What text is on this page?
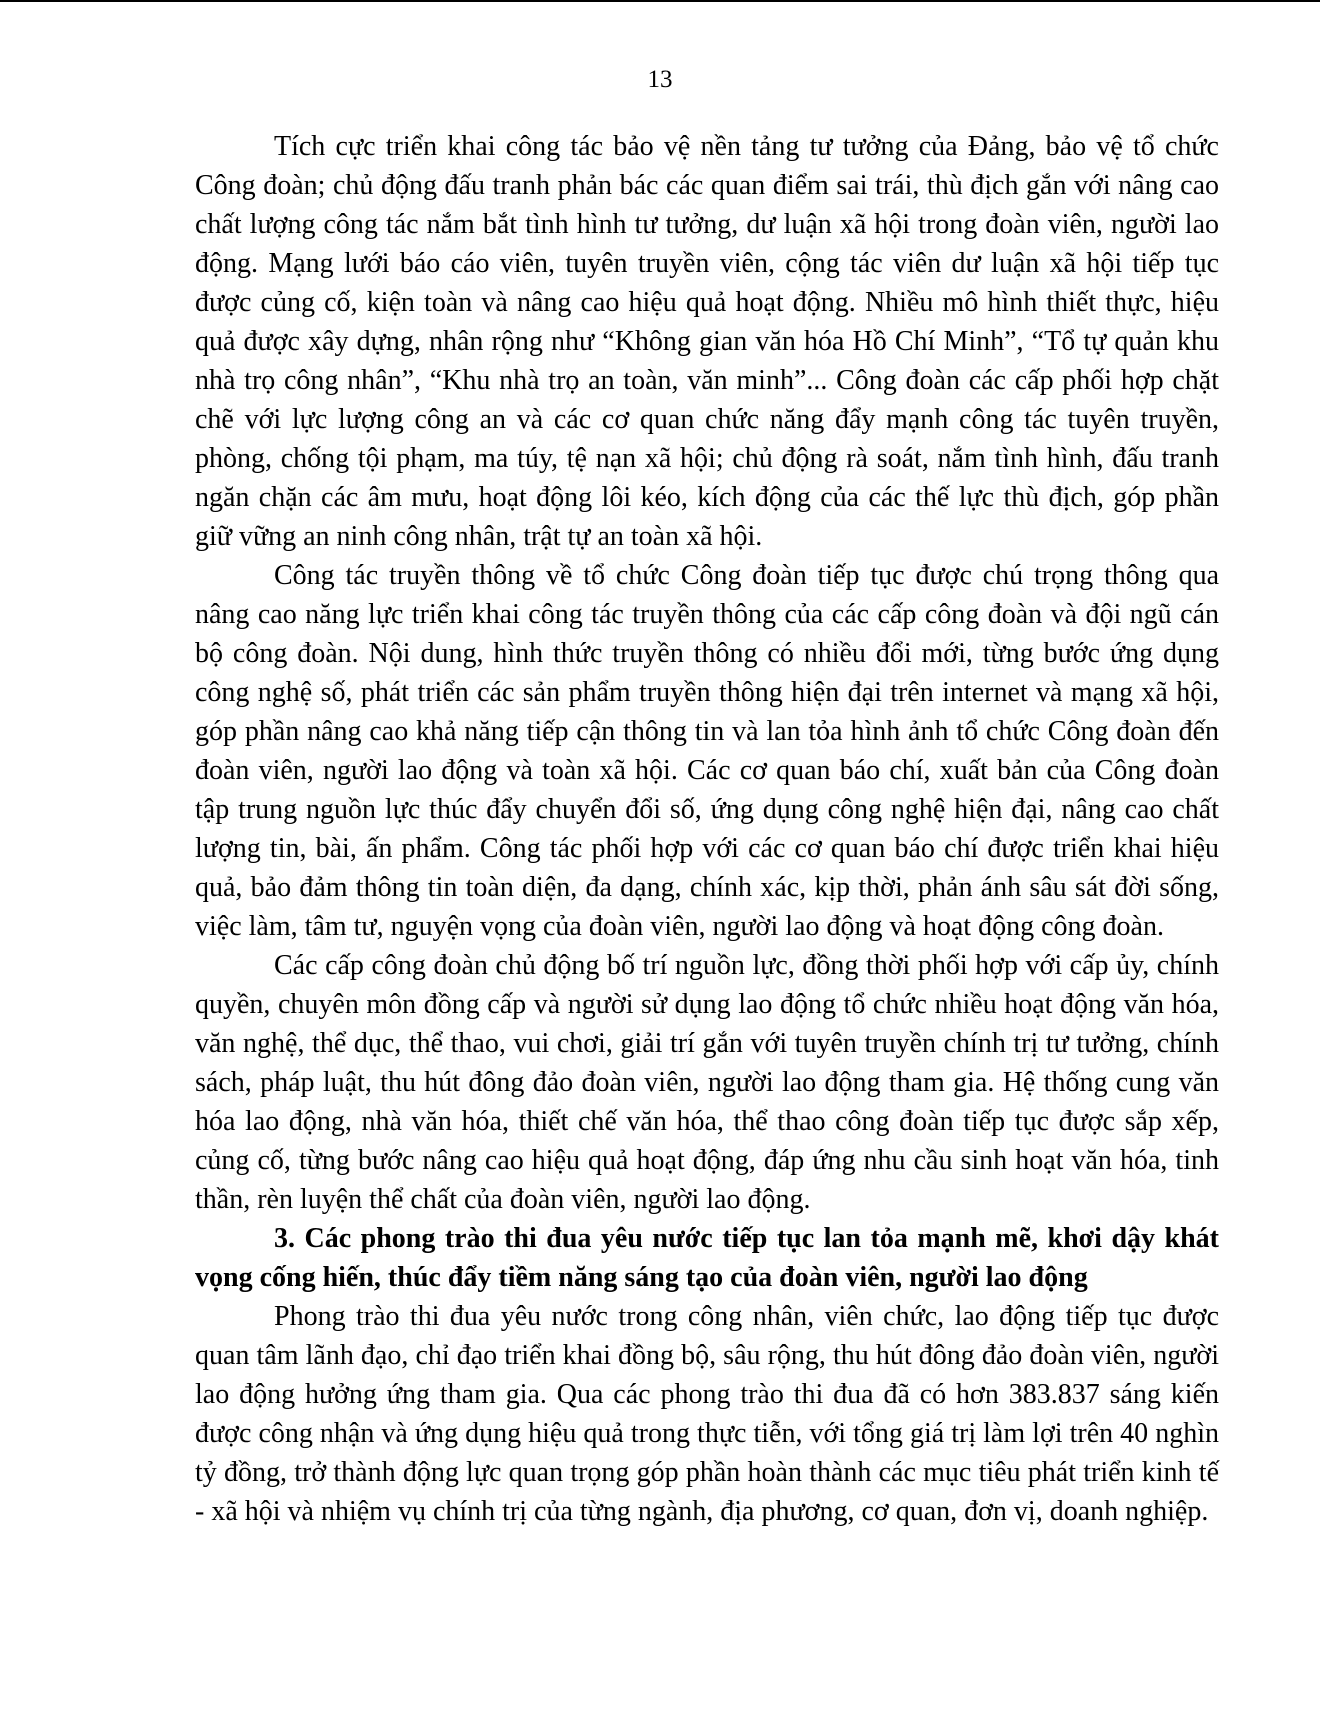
13

Tích cực triển khai công tác bảo vệ nền tảng tư tưởng của Đảng, bảo vệ tổ chức Công đoàn; chủ động đấu tranh phản bác các quan điểm sai trái, thù địch gắn với nâng cao chất lượng công tác nắm bắt tình hình tư tưởng, dư luận xã hội trong đoàn viên, người lao động. Mạng lưới báo cáo viên, tuyên truyền viên, cộng tác viên dư luận xã hội tiếp tục được củng cố, kiện toàn và nâng cao hiệu quả hoạt động. Nhiều mô hình thiết thực, hiệu quả được xây dựng, nhân rộng như “Không gian văn hóa Hồ Chí Minh”, “Tổ tự quản khu nhà trọ công nhân”, “Khu nhà trọ an toàn, văn minh”... Công đoàn các cấp phối hợp chặt chẽ với lực lượng công an và các cơ quan chức năng đẩy mạnh công tác tuyên truyền, phòng, chống tội phạm, ma túy, tệ nạn xã hội; chủ động rà soát, nắm tình hình, đấu tranh ngăn chặn các âm mưu, hoạt động lôi kéo, kích động của các thế lực thù địch, góp phần giữ vững an ninh công nhân, trật tự an toàn xã hội.

Công tác truyền thông về tổ chức Công đoàn tiếp tục được chú trọng thông qua nâng cao năng lực triển khai công tác truyền thông của các cấp công đoàn và đội ngũ cán bộ công đoàn. Nội dung, hình thức truyền thông có nhiều đổi mới, từng bước ứng dụng công nghệ số, phát triển các sản phẩm truyền thông hiện đại trên internet và mạng xã hội, góp phần nâng cao khả năng tiếp cận thông tin và lan tỏa hình ảnh tổ chức Công đoàn đến đoàn viên, người lao động và toàn xã hội. Các cơ quan báo chí, xuất bản của Công đoàn tập trung nguồn lực thúc đẩy chuyển đổi số, ứng dụng công nghệ hiện đại, nâng cao chất lượng tin, bài, ấn phẩm. Công tác phối hợp với các cơ quan báo chí được triển khai hiệu quả, bảo đảm thông tin toàn diện, đa dạng, chính xác, kịp thời, phản ánh sâu sát đời sống, việc làm, tâm tư, nguyện vọng của đoàn viên, người lao động và hoạt động công đoàn.

Các cấp công đoàn chủ động bố trí nguồn lực, đồng thời phối hợp với cấp ủy, chính quyền, chuyên môn đồng cấp và người sử dụng lao động tổ chức nhiều hoạt động văn hóa, văn nghệ, thể dục, thể thao, vui chơi, giải trí gắn với tuyên truyền chính trị tư tưởng, chính sách, pháp luật, thu hút đông đảo đoàn viên, người lao động tham gia. Hệ thống cung văn hóa lao động, nhà văn hóa, thiết chế văn hóa, thể thao công đoàn tiếp tục được sắp xếp, củng cố, từng bước nâng cao hiệu quả hoạt động, đáp ứng nhu cầu sinh hoạt văn hóa, tinh thần, rèn luyện thể chất của đoàn viên, người lao động.

3. Các phong trào thi đua yêu nước tiếp tục lan tỏa mạnh mẽ, khơi dậy khát vọng cống hiến, thúc đẩy tiềm năng sáng tạo của đoàn viên, người lao động

Phong trào thi đua yêu nước trong công nhân, viên chức, lao động tiếp tục được quan tâm lãnh đạo, chỉ đạo triển khai đồng bộ, sâu rộng, thu hút đông đảo đoàn viên, người lao động hưởng ứng tham gia. Qua các phong trào thi đua đã có hơn 383.837 sáng kiến được công nhận và ứng dụng hiệu quả trong thực tiễn, với tổng giá trị làm lợi trên 40 nghìn tỷ đồng, trở thành động lực quan trọng góp phần hoàn thành các mục tiêu phát triển kinh tế - xã hội và nhiệm vụ chính trị của từng ngành, địa phương, cơ quan, đơn vị, doanh nghiệp.
